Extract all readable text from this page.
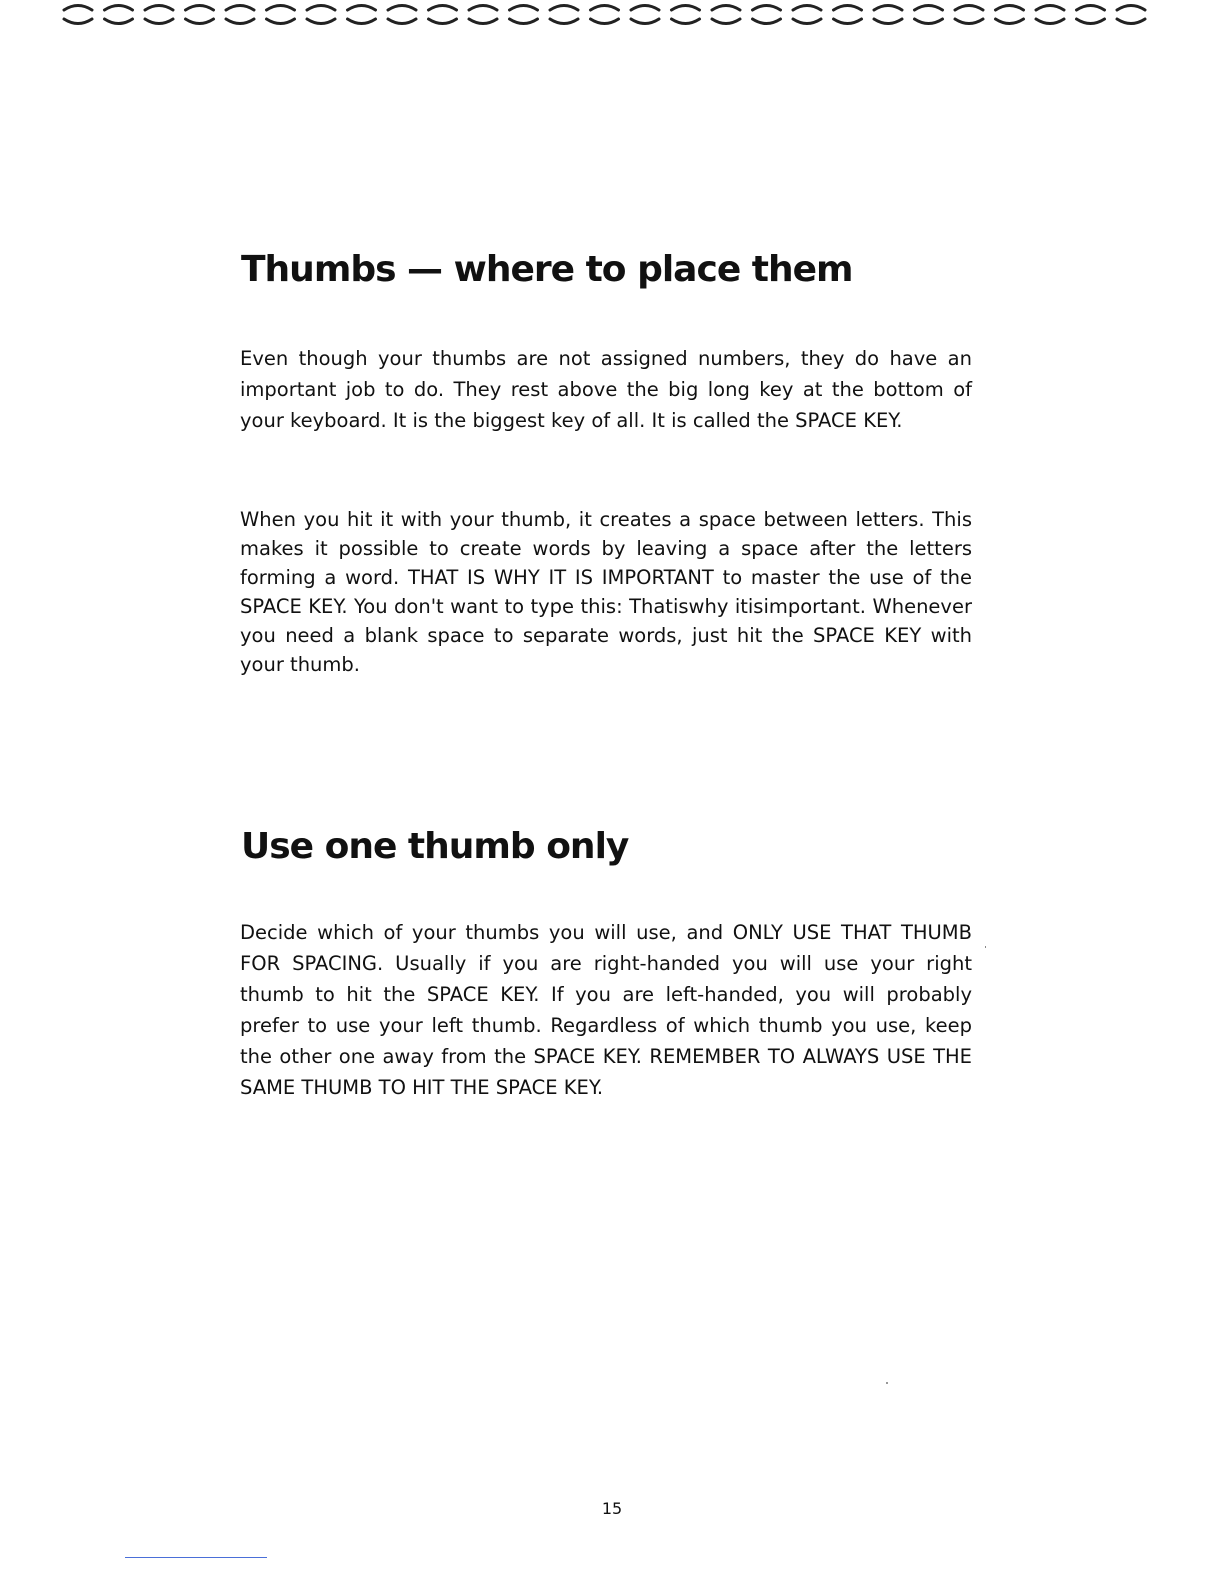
Thumbs — where to place them

Even though your thumbs are not assigned numbers, they do have an important job to do. They rest above the big long key at the bottom of your keyboard. It is the biggest key of all. It is called the SPACE KEY.

When you hit it with your thumb, it creates a space between letters. This makes it possible to create words by leaving a space after the letters forming a word. THAT IS WHY IT IS IMPORTANT to master the use of the SPACE KEY. You don't want to type this: Thatiswhy itisimportant. Whenever you need a blank space to separate words, just hit the SPACE KEY with your thumb.

Use one thumb only

Decide which of your thumbs you will use, and ONLY USE THAT THUMB FOR SPACING. Usually if you are right-handed you will use your right thumb to hit the SPACE KEY. If you are left-handed, you will probably prefer to use your left thumb. Regardless of which thumb you use, keep the other one away from the SPACE KEY. REMEMBER TO ALWAYS USE THE SAME THUMB TO HIT THE SPACE KEY.

15
